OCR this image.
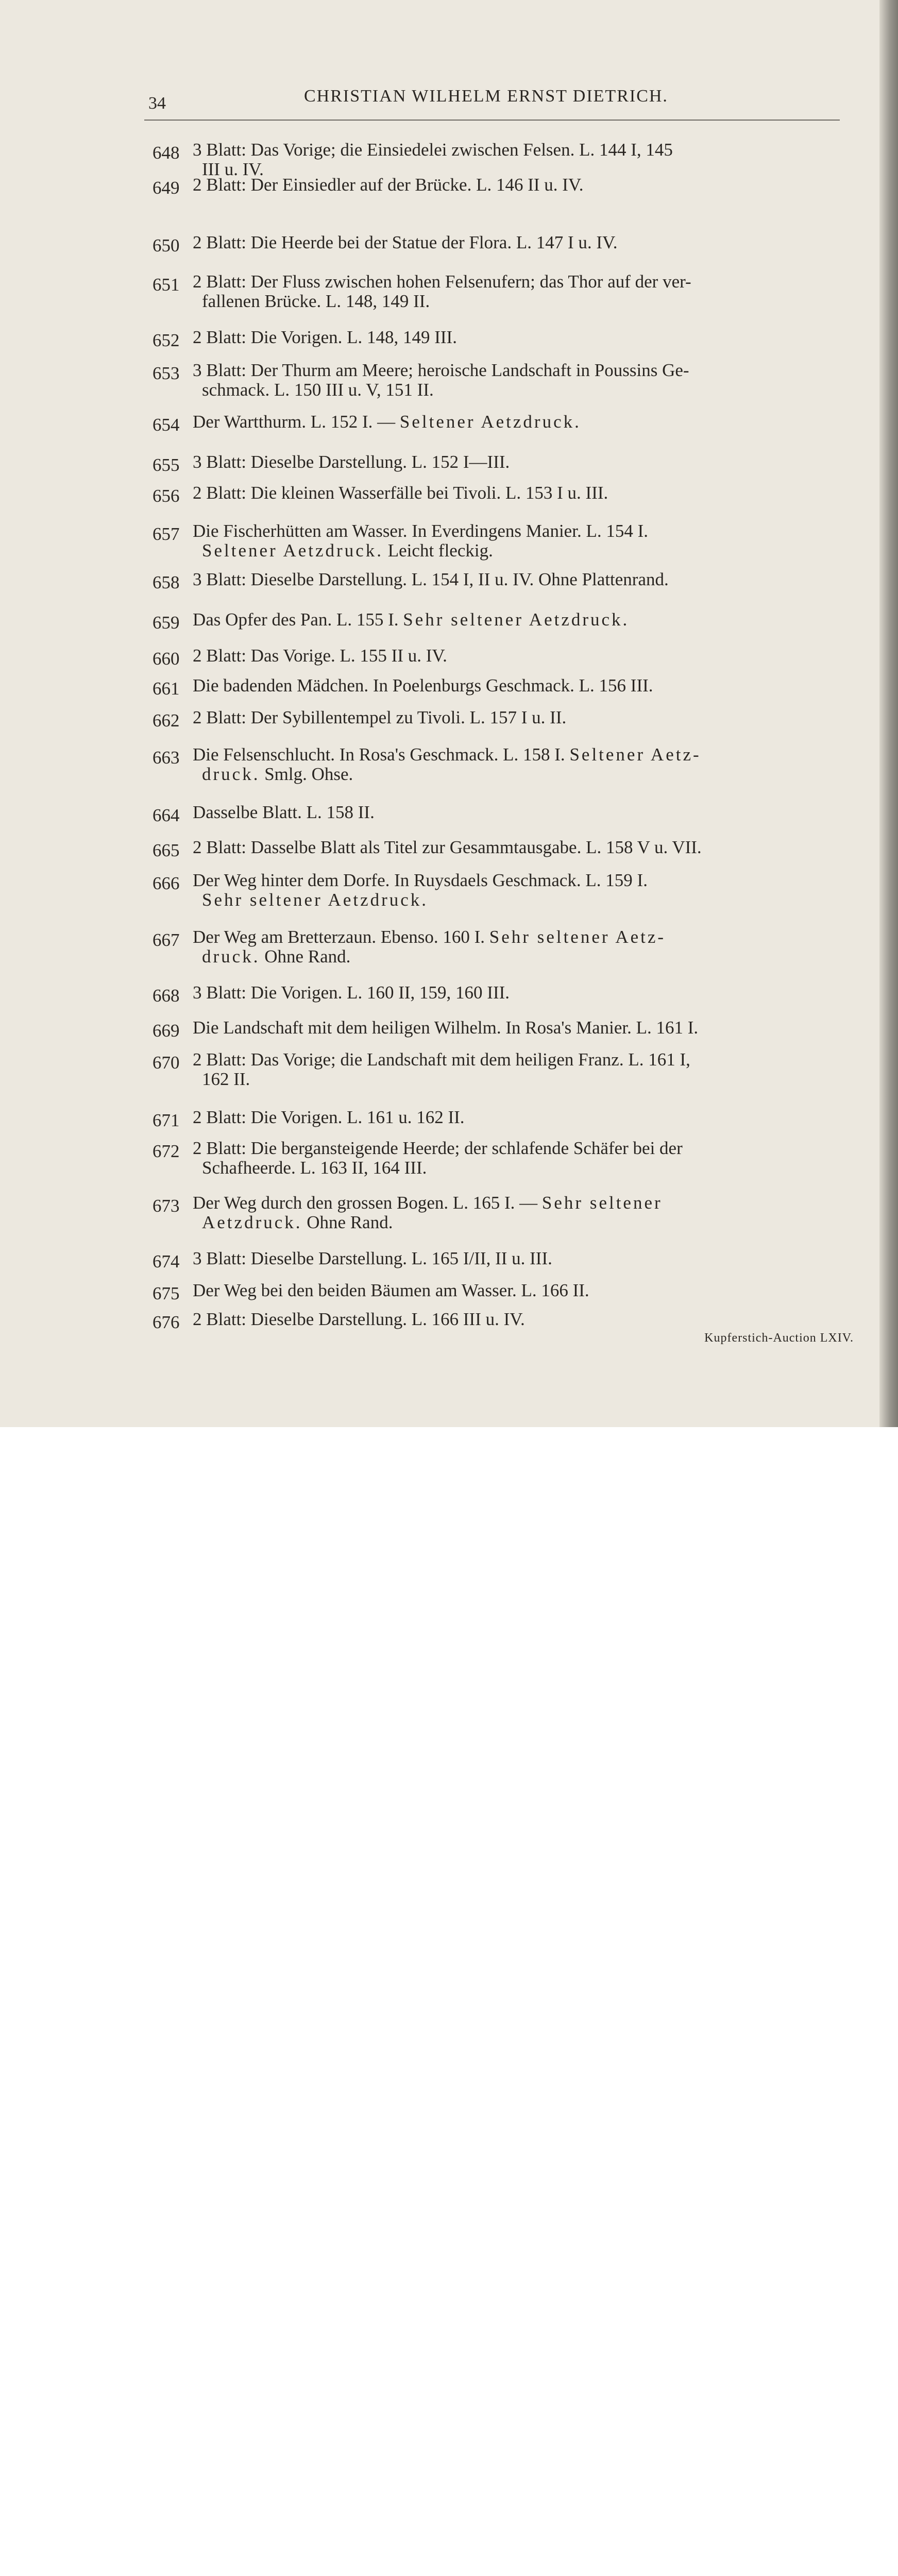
34	CHRISTIAN WILHELM ERNST DIETRICH.
648 3 Blatt: Das Vorige; die Einsiedelei zwischen Felsen. L. 144 I, 145
III u. IV.
649 2 Blatt: Der Einsiedler auf der Brücke. L. 146 II u. IV.
650 2 Blatt: Die Heerde bei der Statue der Flora. L. 147 I u. IV.
651 2 Blatt: Der Fluss zwischen hohen Felsenufern; das Thor auf der ver-
fallenen Brücke. L. 148, 149 II.
652 2 Blatt: Die Vorigen. L. 148, 149 III.
653 3 Blatt: Der Thurm am Meere; heroische Landschaft in Poussins Ge-
schmack. L. 150 III u. V, 151 II.
654 Der Wartthurm. L. 152 I. — Seltener Aetzdruck.
655 3 Blatt: Dieselbe Darstellung. L. 152 I—III.
656 2 Blatt: Die kleinen Wasserfälle bei Tivoli. L. 153 I u. III.
657 Die Fischerhütten am Wasser. In Everdingens Manier. L. 154 I.
Seltener Aetzdruck. Leicht fleckig.
658 3 Blatt: Dieselbe Darstellung. L. 154 I, II u. IV. Ohne Plattenrand.
659 Das Opfer des Pan. L. 155 I. Sehr seltener Aetzdruck.
660 2 Blatt: Das Vorige. L. 155 II u. IV.
661 Die badenden Mädchen. In Poelenburgs Geschmack. L. 156 III.
662 2 Blatt: Der Sybillentempel zu Tivoli. L. 157 I u. II.
663 Die Felsenschlucht. In Rosa's Geschmack. L. 158 I. Seltener Aetz-
druck. Smlg. Ohse.
664 Dasselbe Blatt. L. 158 II.
665 2 Blatt: Dasselbe Blatt als Titel zur Gesammtausgabe. L. 158 V u. VII.
666 Der Weg hinter dem Dorfe. In Ruysdaels Geschmack. L. 159 I.
Sehr seltener Aetzdruck.
667 Der Weg am Bretterzaun. Ebenso. 160 I. Sehr seltener Aetz-
druck. Ohne Rand.
668 3 Blatt: Die Vorigen. L. 160 II, 159, 160 III.
669 Die Landschaft mit dem heiligen Wilhelm. In Rosa's Manier. L. 161 I.
670 2 Blatt: Das Vorige; die Landschaft mit dem heiligen Franz. L. 161 I,
162 II.
671 2 Blatt: Die Vorigen. L. 161 u. 162 II.
672 2 Blatt: Die bergansteigende Heerde; der schlafende Schäfer bei der
Schafheerde. L. 163 II, 164 III.
673 Der Weg durch den grossen Bogen. L. 165 I. — Sehr seltener
Aetzdruck. Ohne Rand.
674 3 Blatt: Dieselbe Darstellung. L. 165 I/II, II u. III.
675 Der Weg bei den beiden Bäumen am Wasser. L. 166 II.
676 2 Blatt: Dieselbe Darstellung. L. 166 III u. IV.
Kupferstich-Auction LXIV.
